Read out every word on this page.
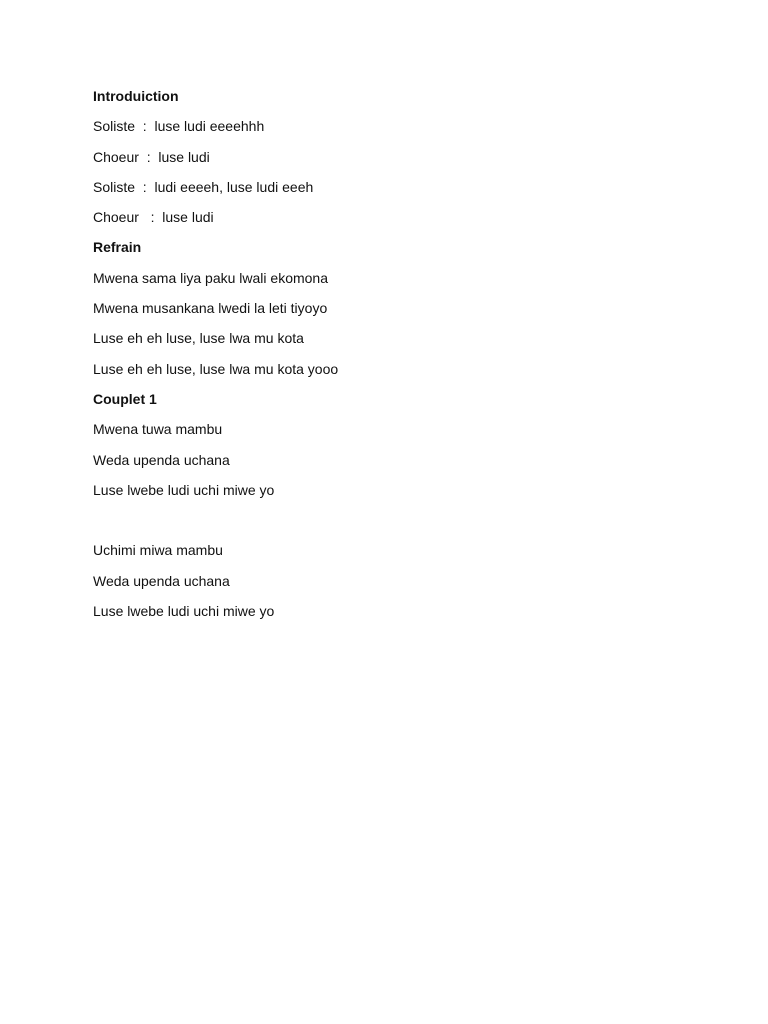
Introduiction

Soliste  :  luse ludi eeeehhh

Choeur  :  luse ludi

Soliste  :  ludi eeeeh, luse ludi eeeh

Choeur   :  luse ludi

Refrain

Mwena sama liya paku lwali ekomona

Mwena musankana lwedi la leti tiyoyo

Luse eh eh luse, luse lwa mu kota

Luse eh eh luse, luse lwa mu kota yooo

Couplet 1

Mwena tuwa mambu

Weda upenda uchana

Luse lwebe ludi uchi miwe yo

Uchimi miwa mambu

Weda upenda uchana

Luse lwebe ludi uchi miwe yo
